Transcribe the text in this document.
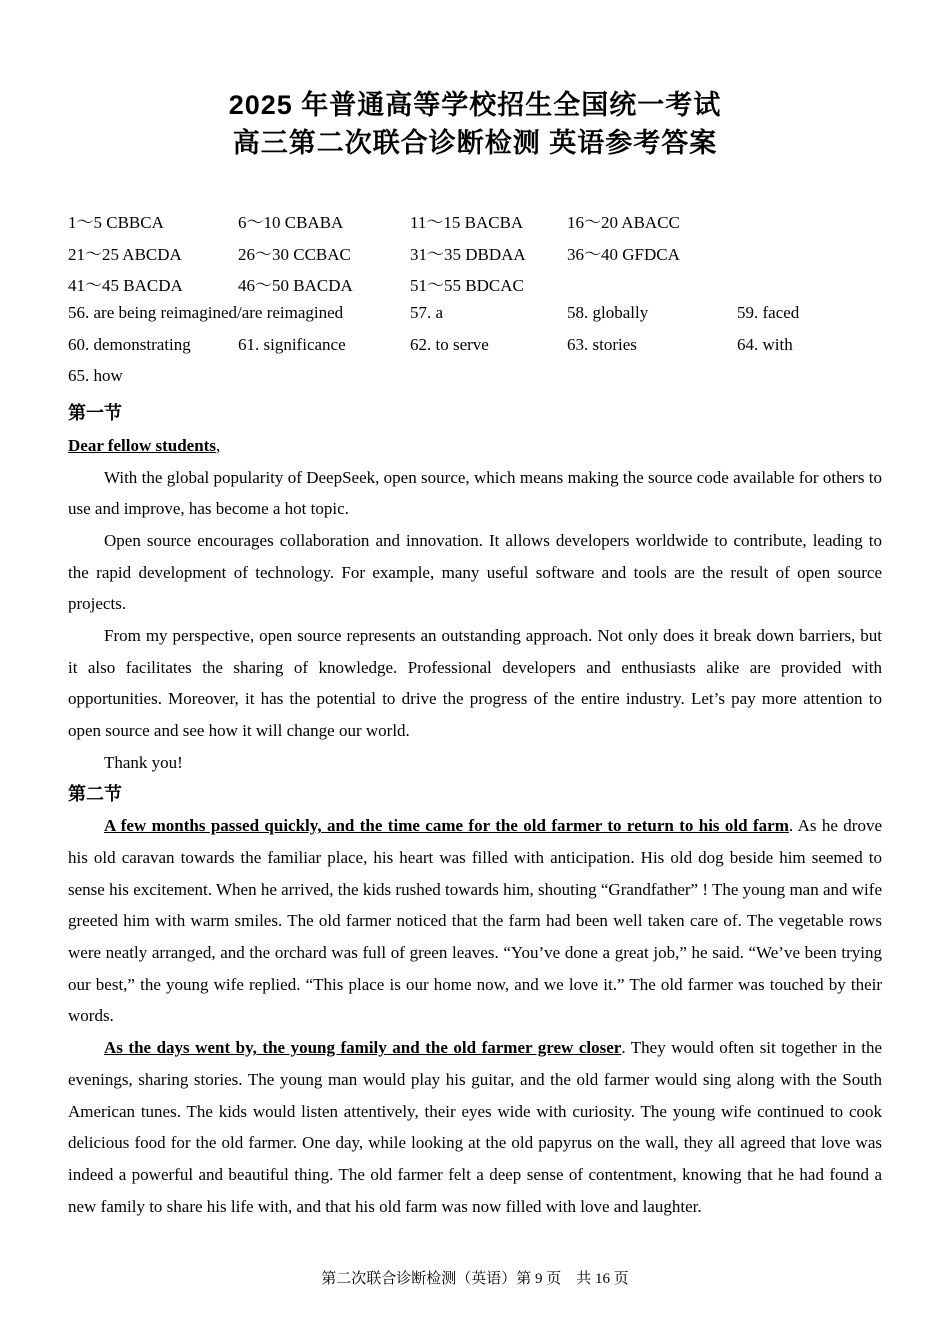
2025 年普通高等学校招生全国统一考试
高三第二次联合诊断检测 英语参考答案
1～5 CBBCA	6～10 CBABA	11～15 BACBA	16～20 ABACC
21～25 ABCDA	26～30 CCBAC	31～35 DBDAA	36～40 GFDCA
41～45 BACDA	46～50 BACDA	51～55 BDCAC
56. are being reimagined/are reimagined	57. a	58. globally	59. faced
60. demonstrating	61. significance	62. to serve	63. stories	64. with
65. how
第一节

Dear fellow students,

With the global popularity of DeepSeek, open source, which means making the source code available for others to use and improve, has become a hot topic.

Open source encourages collaboration and innovation. It allows developers worldwide to contribute, leading to the rapid development of technology. For example, many useful software and tools are the result of open source projects.

From my perspective, open source represents an outstanding approach. Not only does it break down barriers, but it also facilitates the sharing of knowledge. Professional developers and enthusiasts alike are provided with opportunities. Moreover, it has the potential to drive the progress of the entire industry. Let’s pay more attention to open source and see how it will change our world.

Thank you!

第二节

A few months passed quickly, and the time came for the old farmer to return to his old farm. As he drove his old caravan towards the familiar place, his heart was filled with anticipation. His old dog beside him seemed to sense his excitement. When he arrived, the kids rushed towards him, shouting “Grandfather” ! The young man and wife greeted him with warm smiles. The old farmer noticed that the farm had been well taken care of. The vegetable rows were neatly arranged, and the orchard was full of green leaves. “You’ve done a great job,” he said. “We’ve been trying our best,” the young wife replied. “This place is our home now, and we love it.” The old farmer was touched by their words.

As the days went by, the young family and the old farmer grew closer. They would often sit together in the evenings, sharing stories. The young man would play his guitar, and the old farmer would sing along with the South American tunes. The kids would listen attentively, their eyes wide with curiosity. The young wife continued to cook delicious food for the old farmer. One day, while looking at the old papyrus on the wall, they all agreed that love was indeed a powerful and beautiful thing. The old farmer felt a deep sense of contentment, knowing that he had found a new family to share his life with, and that his old farm was now filled with love and laughter.

第二次联合诊断检测（英语）第 9 页　共 16 页
